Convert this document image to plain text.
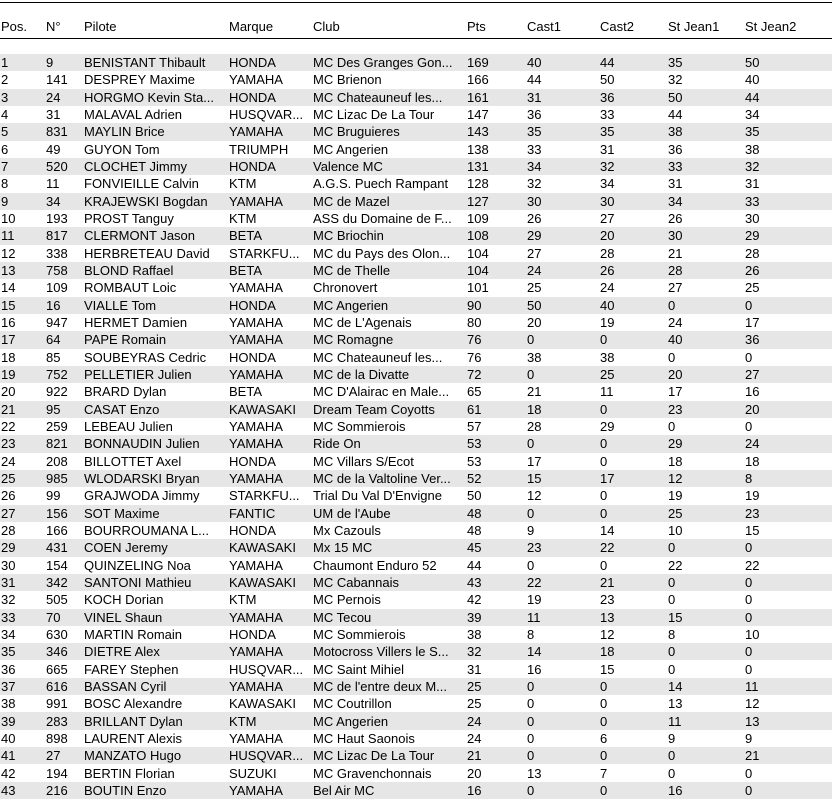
Pos.	N°	Pilote	Marque	Club	Pts	Cast1	Cast2	St Jean1	St Jean2

1	9	BENISTANT Thibault	HONDA	MC Des Granges Gon...	169	40	44	35	50
2	141	DESPREY Maxime	YAMAHA	MC Brienon	166	44	50	32	40
3	24	HORGMO Kevin Sta...	HONDA	MC Chateauneuf les...	161	31	36	50	44
4	31	MALAVAL Adrien	HUSQVAR...	MC Lizac De La Tour	147	36	33	44	34
5	831	MAYLIN Brice	YAMAHA	MC Bruguieres	143	35	35	38	35
6	49	GUYON Tom	TRIUMPH	MC Angerien	138	33	31	36	38
7	520	CLOCHET Jimmy	HONDA	Valence MC	131	34	32	33	32
8	11	FONVIEILLE Calvin	KTM	A.G.S. Puech Rampant	128	32	34	31	31
9	34	KRAJEWSKI Bogdan	YAMAHA	MC de Mazel	127	30	30	34	33
10	193	PROST Tanguy	KTM	ASS du Domaine de F...	109	26	27	26	30
11	817	CLERMONT Jason	BETA	MC Briochin	108	29	20	30	29
12	338	HERBRETEAU David	STARKFU...	MC du Pays des Olon...	104	27	28	21	28
13	758	BLOND Raffael	BETA	MC de Thelle	104	24	26	28	26
14	109	ROMBAUT Loic	YAMAHA	Chronovert	101	25	24	27	25
15	16	VIALLE Tom	HONDA	MC Angerien	90	50	40	0	0
16	947	HERMET Damien	YAMAHA	MC de L'Agenais	80	20	19	24	17
17	64	PAPE Romain	YAMAHA	MC Romagne	76	0	0	40	36
18	85	SOUBEYRAS Cedric	HONDA	MC Chateauneuf les...	76	38	38	0	0
19	752	PELLETIER Julien	YAMAHA	MC de la Divatte	72	0	25	20	27
20	922	BRARD Dylan	BETA	MC D'Alairac en Male...	65	21	11	17	16
21	95	CASAT Enzo	KAWASAKI	Dream Team Coyotts	61	18	0	23	20
22	259	LEBEAU Julien	YAMAHA	MC Sommierois	57	28	29	0	0
23	821	BONNAUDIN Julien	YAMAHA	Ride On	53	0	0	29	24
24	208	BILLOTTET Axel	HONDA	MC Villars S/Ecot	53	17	0	18	18
25	985	WLODARSKI Bryan	YAMAHA	MC de la Valtoline Ver...	52	15	17	12	8
26	99	GRAJWODA Jimmy	STARKFU...	Trial Du Val D'Envigne	50	12	0	19	19
27	156	SOT Maxime	FANTIC	UM de l'Aube	48	0	0	25	23
28	166	BOURROUMANA L...	HONDA	Mx Cazouls	48	9	14	10	15
29	431	COEN Jeremy	KAWASAKI	Mx 15 MC	45	23	22	0	0
30	154	QUINZELING Noa	YAMAHA	Chaumont Enduro 52	44	0	0	22	22
31	342	SANTONI Mathieu	KAWASAKI	MC Cabannais	43	22	21	0	0
32	505	KOCH Dorian	KTM	MC Pernois	42	19	23	0	0
33	70	VINEL Shaun	YAMAHA	MC Tecou	39	11	13	15	0
34	630	MARTIN Romain	HONDA	MC Sommierois	38	8	12	8	10
35	346	DIETRE Alex	YAMAHA	Motocross Villers le S...	32	14	18	0	0
36	665	FAREY Stephen	HUSQVAR...	MC Saint Mihiel	31	16	15	0	0
37	616	BASSAN Cyril	YAMAHA	MC de l'entre deux M...	25	0	0	14	11
38	991	BOSC Alexandre	KAWASAKI	MC Coutrillon	25	0	0	13	12
39	283	BRILLANT Dylan	KTM	MC Angerien	24	0	0	11	13
40	898	LAURENT Alexis	YAMAHA	MC Haut Saonois	24	0	6	9	9
41	27	MANZATO Hugo	HUSQVAR...	MC Lizac De La Tour	21	0	0	0	21
42	194	BERTIN Florian	SUZUKI	MC Gravenchonnais	20	13	7	0	0
43	216	BOUTIN Enzo	YAMAHA	Bel Air MC	16	0	0	16	0
